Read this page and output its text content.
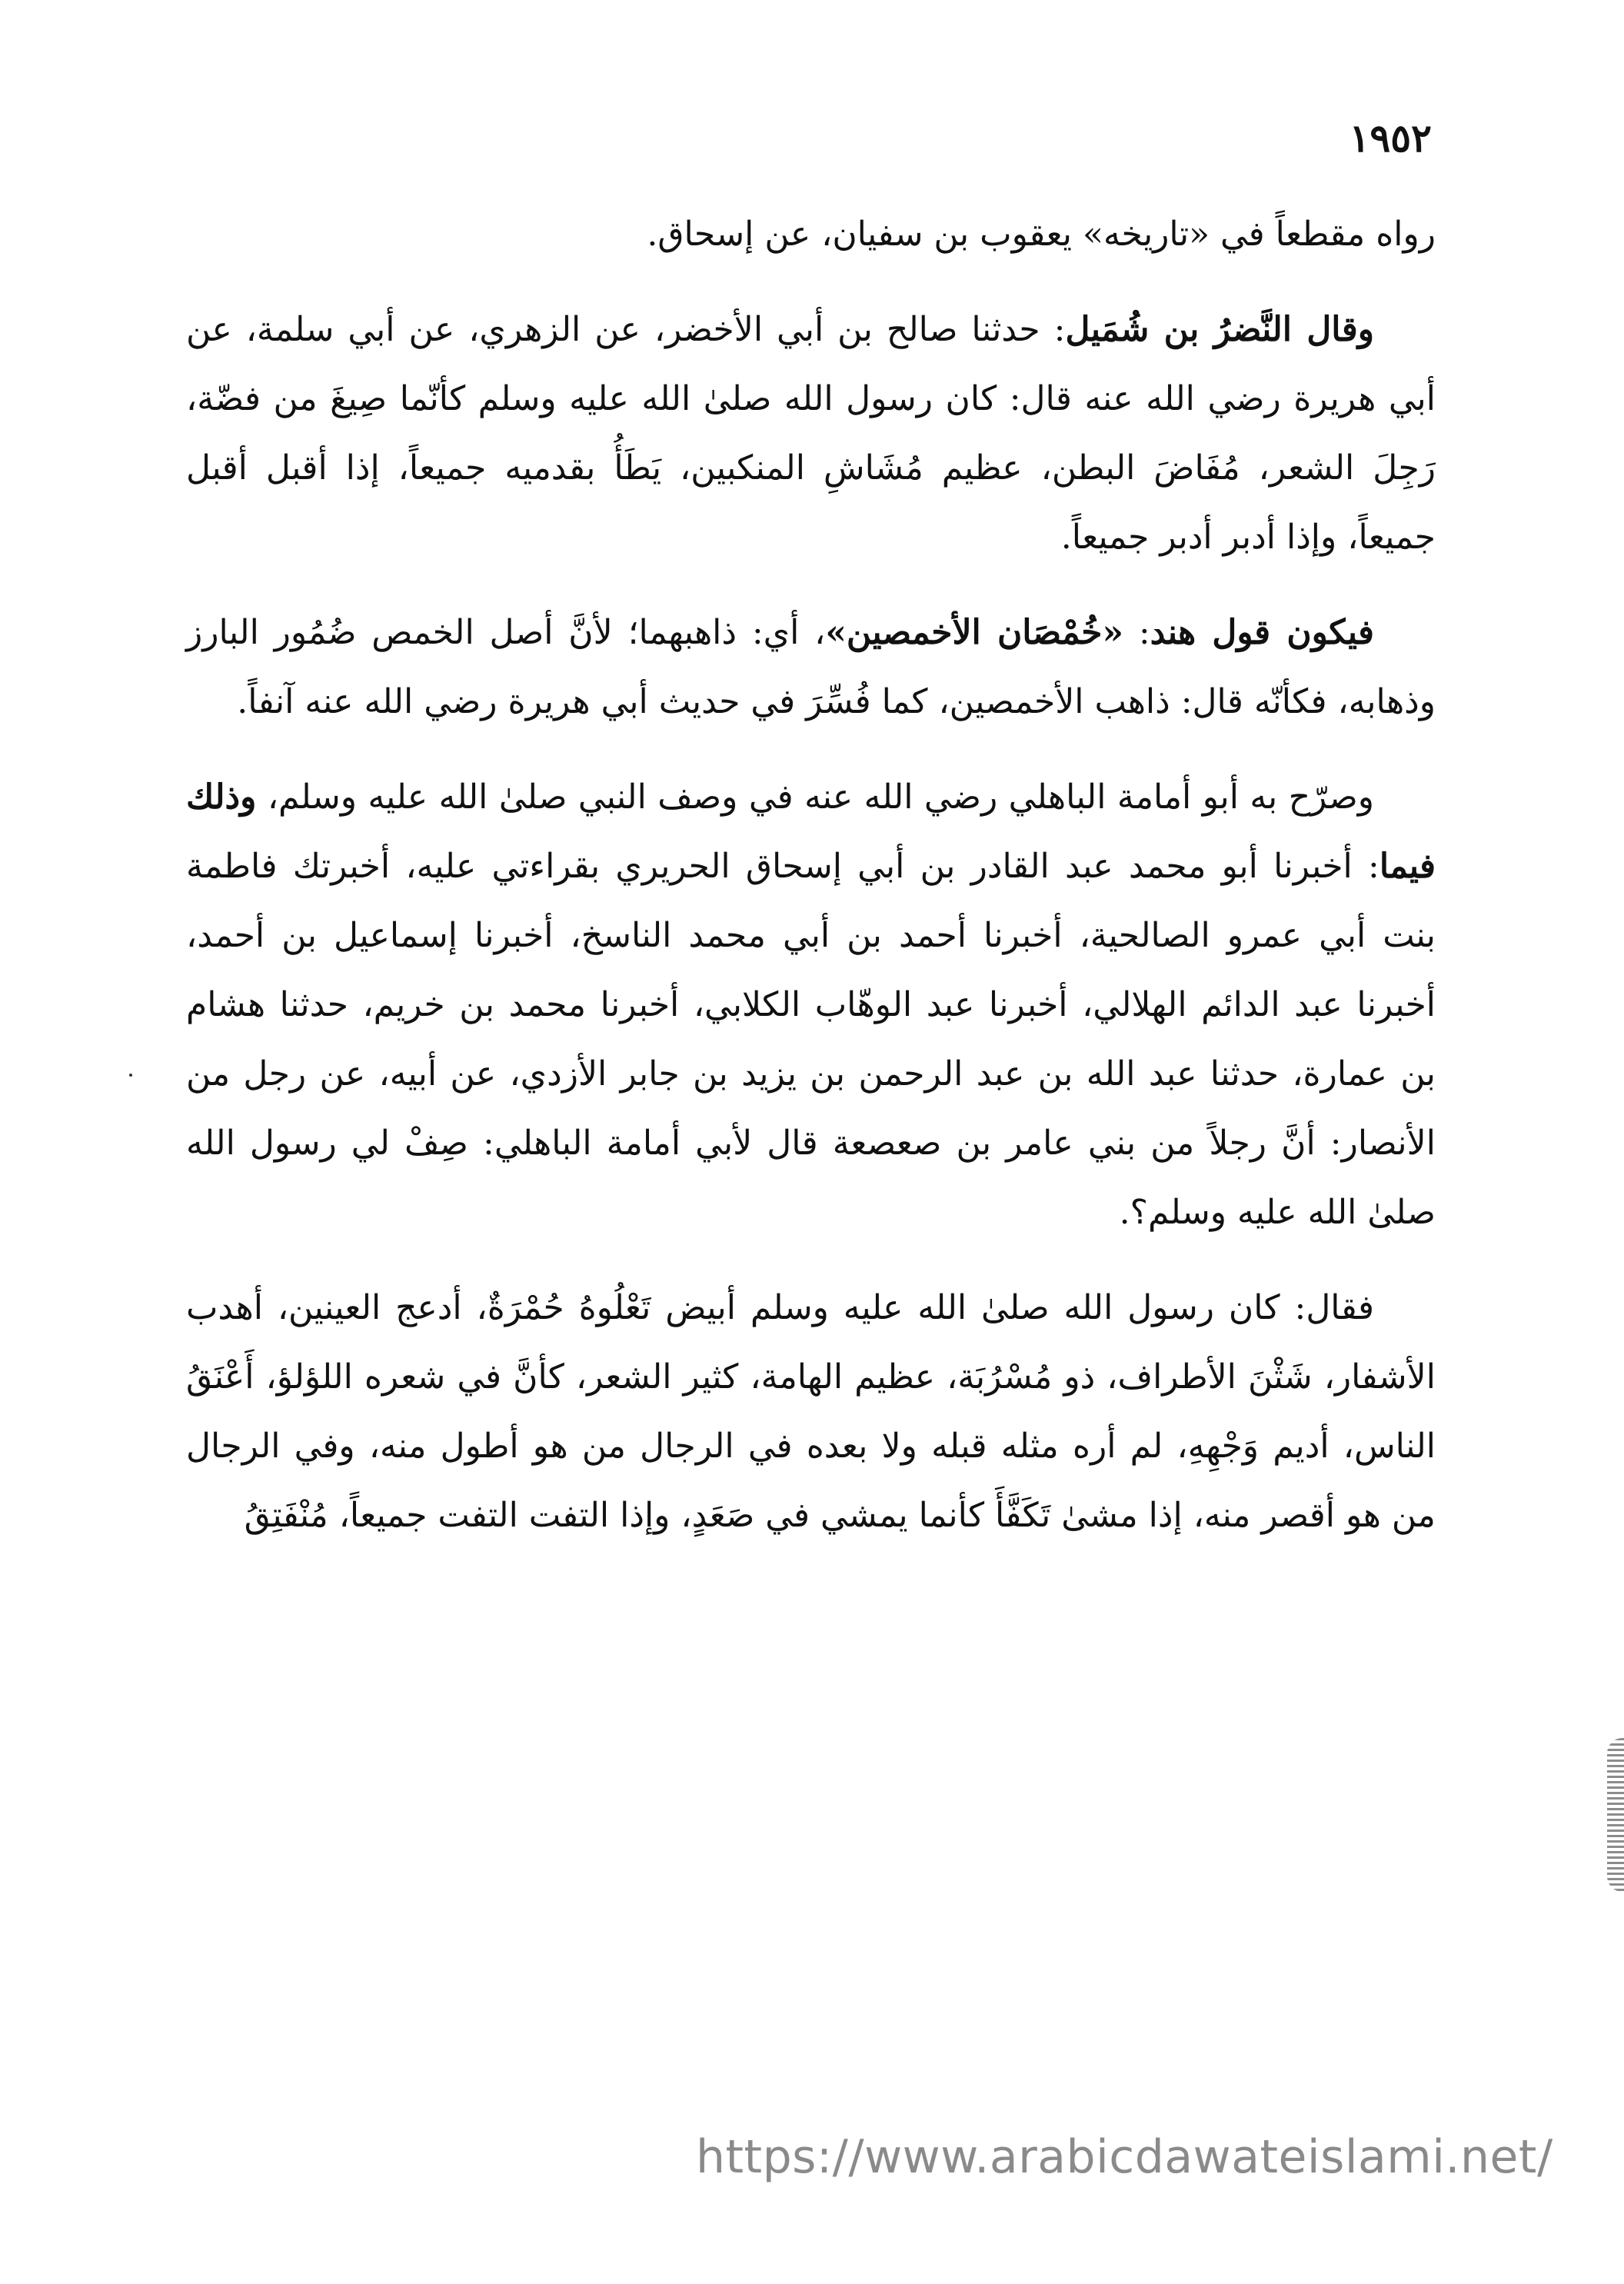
١٩٥٢

رواه مقطعاً في «تاريخه» يعقوب بن سفيان، عن إسحاق.

وقال النَّضرُ بن شُمَيل: حدثنا صالح بن أبي الأخضر، عن الزهري، عن أبي سلمة، عن أبي هريرة رضي الله عنه قال: كان رسول الله صلىٰ الله عليه وسلم كأنّما صِيغَ من فضّة، رَجِلَ الشعر، مُفَاضَ البطن، عظيم مُشَاشِ المنكبين، يَطَأُ بقدميه جميعاً، إذا أقبل أقبل جميعاً، وإذا أدبر أدبر جميعاً.

فيكون قول هند: «خُمْصَان الأخمصين»، أي: ذاهبهما؛ لأنَّ أصل الخمص ضُمُور البارز وذهابه، فكأنّه قال: ذاهب الأخمصين، كما فُسِّرَ في حديث أبي هريرة رضي الله عنه آنفاً.

وصرّح به أبو أمامة الباهلي رضي الله عنه في وصف النبي صلىٰ الله عليه وسلم، وذلك فيما: أخبرنا أبو محمد عبد القادر بن أبي إسحاق الحريري بقراءتي عليه، أخبرتك فاطمة بنت أبي عمرو الصالحية، أخبرنا أحمد بن أبي محمد الناسخ، أخبرنا إسماعيل بن أحمد، أخبرنا عبد الدائم الهلالي، أخبرنا عبد الوهّاب الكلابي، أخبرنا محمد بن خريم، حدثنا هشام بن عمارة، حدثنا عبد الله بن عبد الرحمن بن يزيد بن جابر الأزدي، عن أبيه، عن رجل من الأنصار: أنَّ رجلاً من بني عامر بن صعصعة قال لأبي أمامة الباهلي: صِفْ لي رسول الله صلىٰ الله عليه وسلم؟.

فقال: كان رسول الله صلىٰ الله عليه وسلم أبيض تَعْلُوهُ حُمْرَةٌ، أدعج العينين، أهدب الأشفار، شَثْنَ الأطراف، ذو مُسْرُبَة، عظيم الهامة، كثير الشعر، كأنَّ في شعره اللؤلؤ، أَعْنَقُ الناس، أديم وَجْهِهِ، لم أره مثله قبله ولا بعده في الرجال من هو أطول منه، وفي الرجال من هو أقصر منه، إذا مشىٰ تَكَفَّأَ كأنما يمشي في صَعَدٍ، وإذا التفت التفت جميعاً، مُنْفَتِقُ

https://www.arabicdawateislami.net/
